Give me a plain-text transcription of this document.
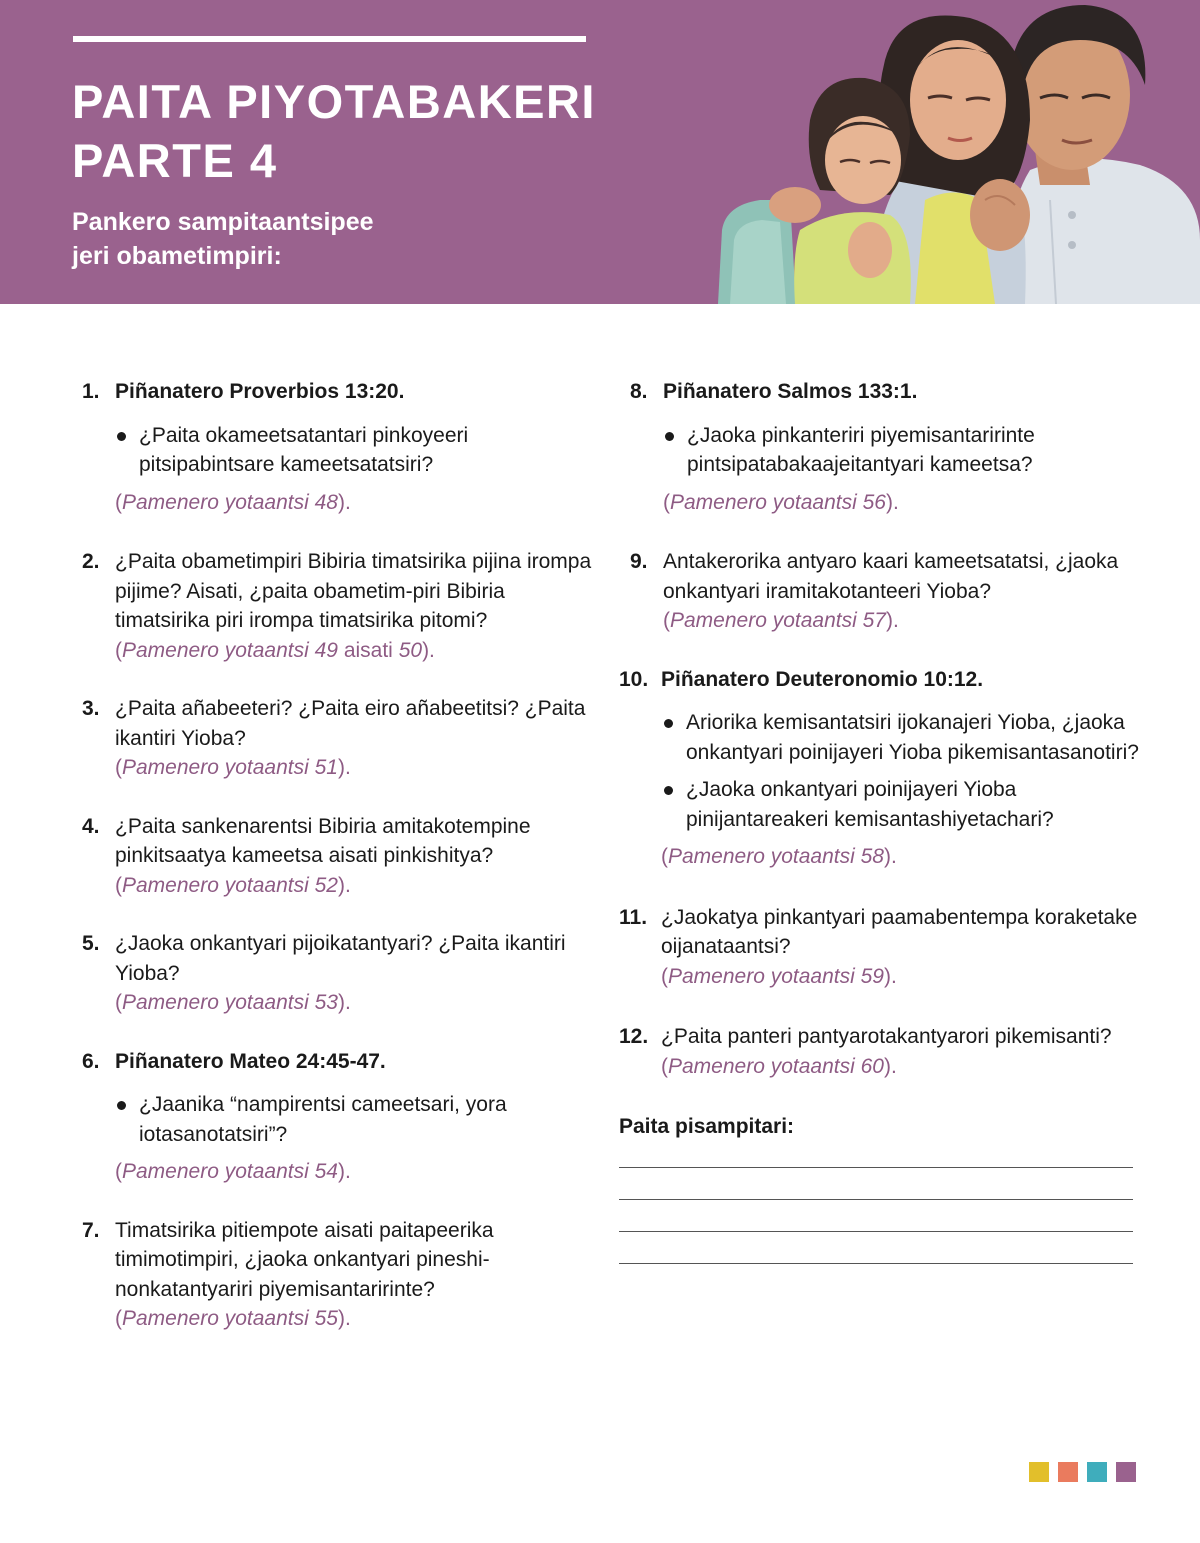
PAITA PIYOTABAKERI
PARTE 4

Pankero sampitaantsipee
jeri obametimpiri:

1. Piñanatero Proverbios 13:20.
¿Paita okameetsatantari pinkoyeeri pitsipabintsare kameetsatatsiri?
(Pamenero yotaantsi 48).
2. ¿Paita obametimpiri Bibiria timatsirika pijina irompa pijime? Aisati, ¿paita obametim-piri Bibiria timatsirika piri irompa timatsirika pitomi?
(Pamenero yotaantsi 49 aisati 50).
3. ¿Paita añabeeteri? ¿Paita eiro añabeetitsi? ¿Paita ikantiri Yioba?
(Pamenero yotaantsi 51).
4. ¿Paita sankenarentsi Bibiria amitakotempine pinkitsaatya kameetsa aisati pinkishitya?
(Pamenero yotaantsi 52).
5. ¿Jaoka onkantyari pijoikatantyari? ¿Paita ikantiri Yioba?
(Pamenero yotaantsi 53).
6. Piñanatero Mateo 24:45-47.
¿Jaanika “nampirentsi cameetsari, yora iotasanotatsiri”?
(Pamenero yotaantsi 54).
7. Timatsirika pitiempote aisati paitapeerika timimotimpiri, ¿jaoka onkantyari pineshi-nonkatantyariri piyemisantaririnte?
(Pamenero yotaantsi 55).
8. Piñanatero Salmos 133:1.
¿Jaoka pinkanteriri piyemisantaririnte pintsipatabakaajeitantyari kameetsa?
(Pamenero yotaantsi 56).
9. Antakerorika antyaro kaari kameetsatatsi, ¿jaoka onkantyari iramitakotanteeri Yioba?
(Pamenero yotaantsi 57).
10. Piñanatero Deuteronomio 10:12.
Ariorika kemisantatsiri ijokanajeri Yioba, ¿jaoka onkantyari poinijayeri Yioba pikemisantasanotiri?
¿Jaoka onkantyari poinijayeri Yioba pinijantareakeri kemisantashiyetachari?
(Pamenero yotaantsi 58).
11. ¿Jaokatya pinkantyari paamabentempa koraketake oijanataantsi?
(Pamenero yotaantsi 59).
12. ¿Paita panteri pantyarotakantyarori pikemisanti?
(Pamenero yotaantsi 60).
Paita pisampitari:
